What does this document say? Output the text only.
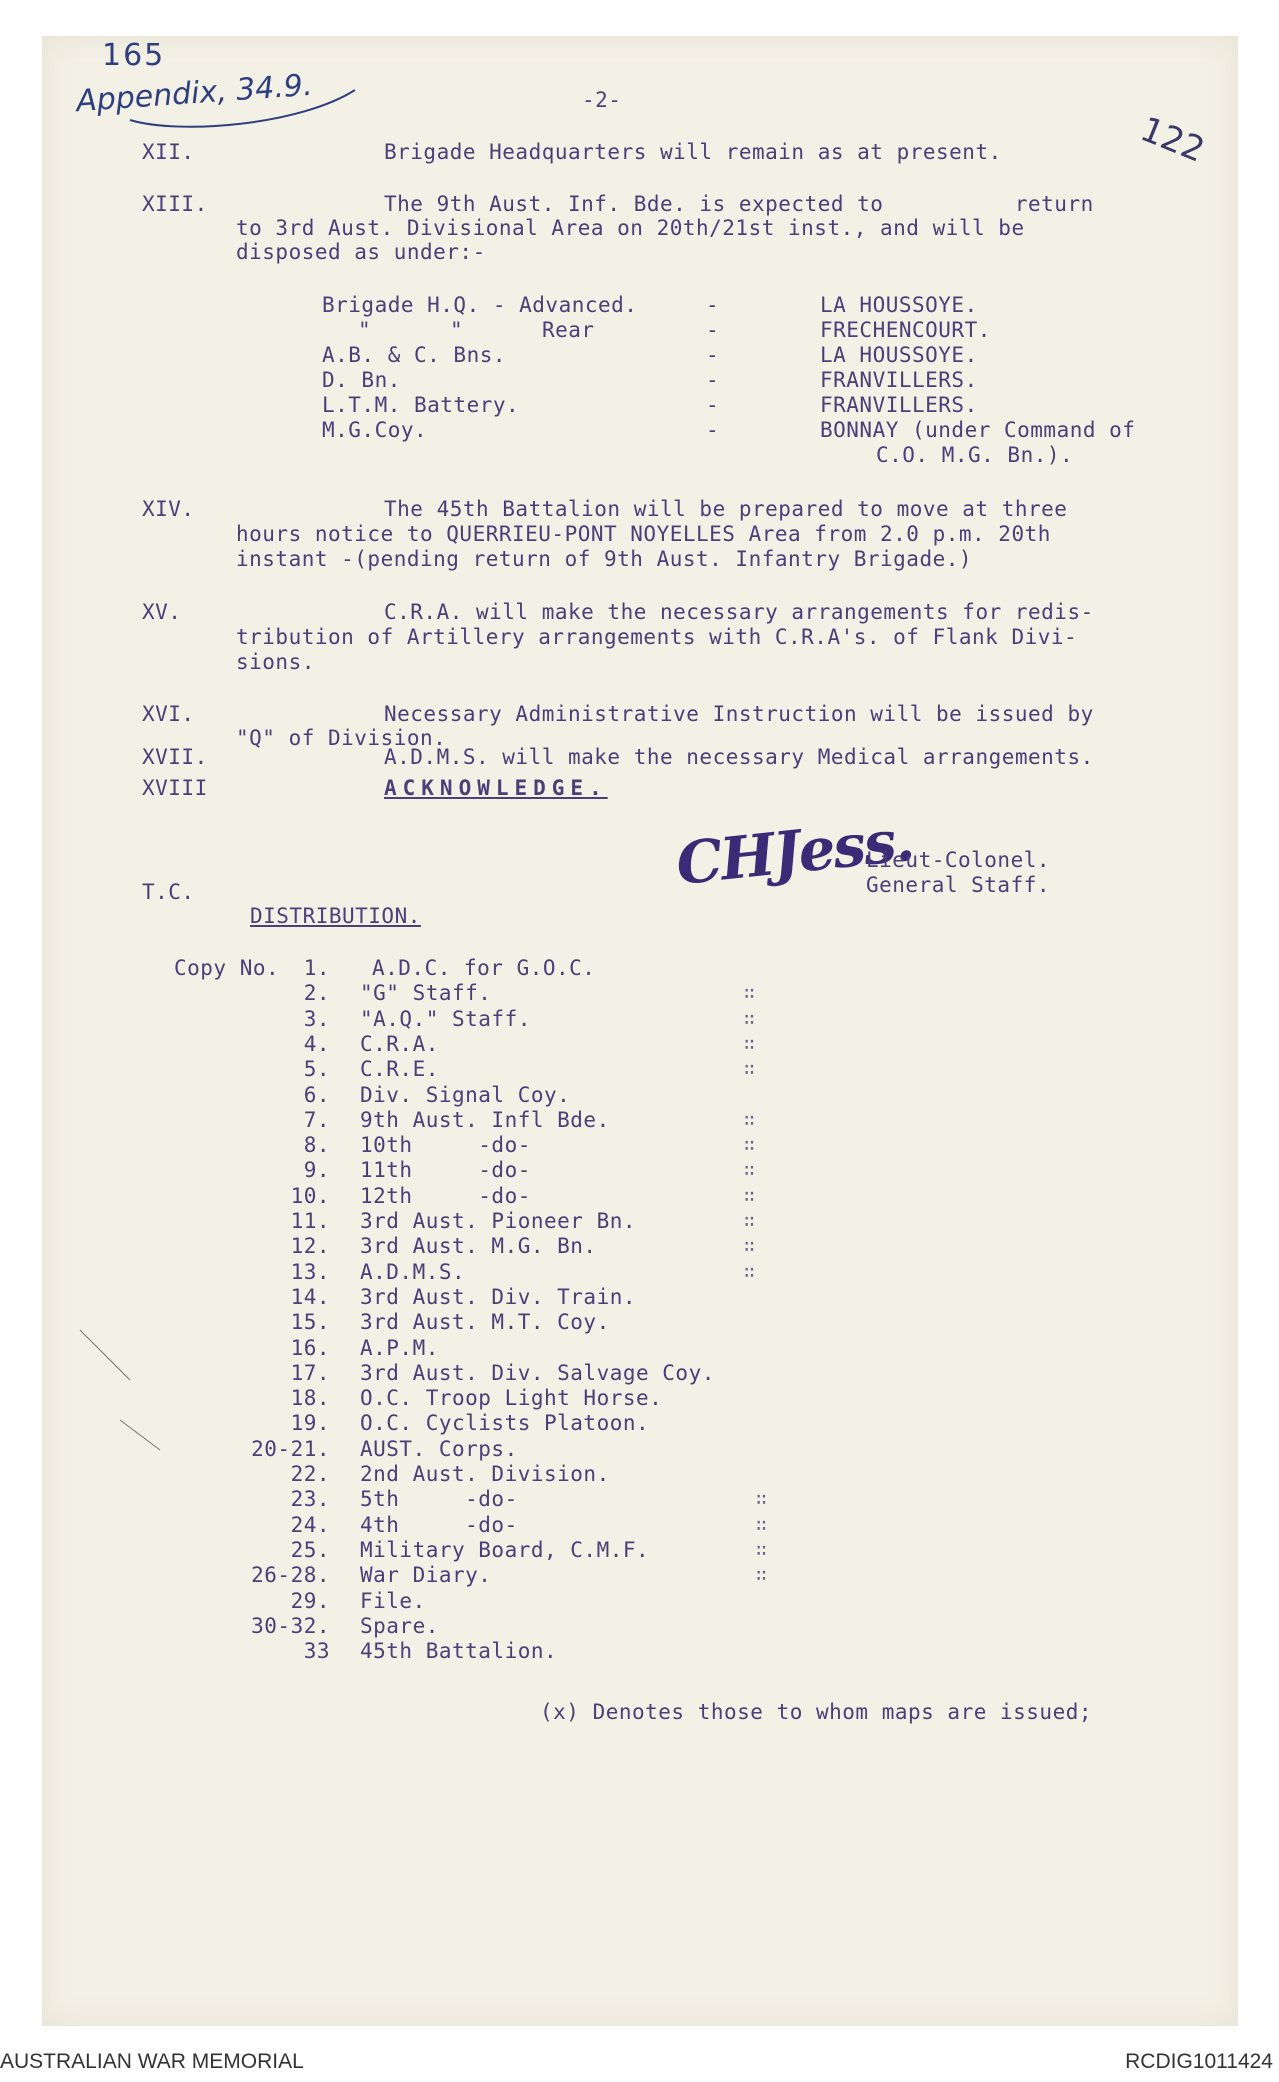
165
Appendix, 34.9.
122
-2-
XII.	Brigade Headquarters will remain as at present.
XIII.	The 9th Aust. Inf. Bde. is expected to          return
to 3rd Aust. Divisional Area on 20th/21st inst., and will be
disposed as under:-
Brigade H.Q. - Advanced.	-	LA HOUSSOYE.
"      "      Rear	-	FRECHENCOURT.
A.B. & C. Bns.	-	LA HOUSSOYE.
D. Bn.	-	FRANVILLERS.
L.T.M. Battery.	-	FRANVILLERS.
M.G.Coy.	-	BONNAY (under Command of
C.O. M.G. Bn.).
XIV.	The 45th Battalion will be prepared to move at three
hours notice to QUERRIEU-PONT NOYELLES Area from 2.0 p.m. 20th
instant -(pending return of 9th Aust. Infantry Brigade.)
XV.	C.R.A. will make the necessary arrangements for redis-
tribution of Artillery arrangements with C.R.A's. of Flank Divi-
sions.
XVI.	Necessary Administrative Instruction will be issued by
"Q" of Division.
XVII.	A.D.M.S. will make the necessary Medical arrangements.
XVIII	ACKNOWLEDGE.
CHJess.
Lieut-Colonel.
General Staff.
T.C.
DISTRIBUTION.
Copy No. 1. A.D.C. for G.O.C.
2. "G" Staff.	∷
3. "A.Q." Staff.	∷
4. C.R.A.	∷
5. C.R.E.	∷
6. Div. Signal Coy.
7. 9th Aust. Infl Bde.	∷
8. 10th     -do-	∷
9. 11th     -do-	∷
10. 12th     -do-	∷
11. 3rd Aust. Pioneer Bn.	∷
12. 3rd Aust. M.G. Bn.	∷
13. A.D.M.S.	∷
14. 3rd Aust. Div. Train.
15. 3rd Aust. M.T. Coy.
16. A.P.M.
17. 3rd Aust. Div. Salvage Coy.
18. O.C. Troop Light Horse.
19. O.C. Cyclists Platoon.
20-21. AUST. Corps.
22. 2nd Aust. Division.
23. 5th     -do-	∷
24. 4th     -do-	∷
25. Military Board, C.M.F.	∷
26-28. War Diary.	∷
29. File.
30-32. Spare.
33 45th Battalion.
(x) Denotes those to whom maps are issued;
AUSTRALIAN WAR MEMORIAL	RCDIG1011424
